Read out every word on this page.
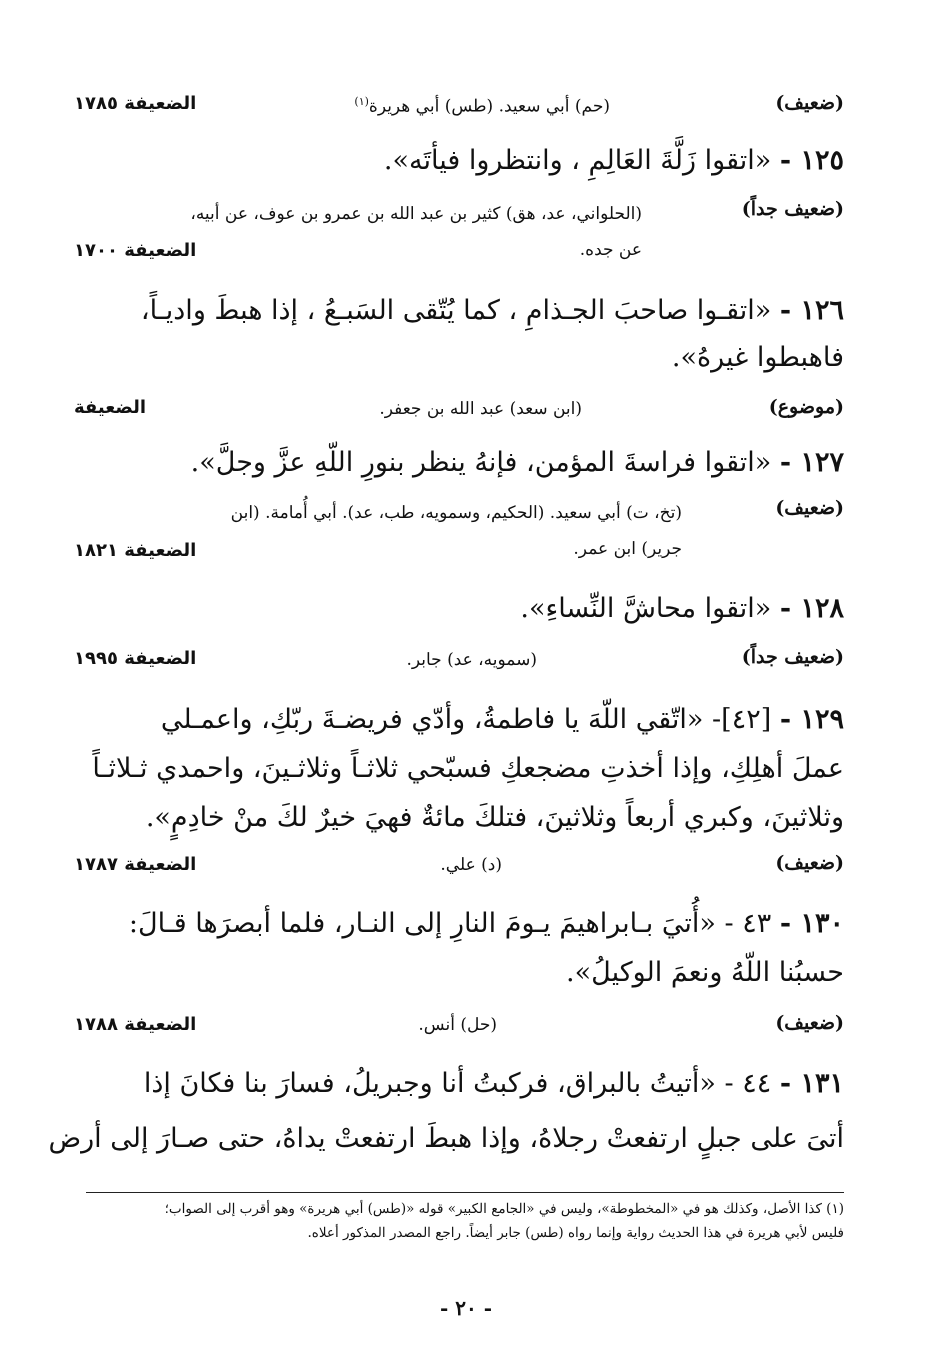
(ضعيف)
(حم) أبي سعيد. (طس) أبي هريرة$^{(١)}$
الضعيفة ١٧٨٥
١٢٥ - «اتقوا زَلَّةَ العَالِمِ ، وانتظروا فيأتَه».
(ضعيف جداً)
(الحلواني، عد، هق) كثير بن عبد الله بن عمرو بن عوف، عن أبيه،
عن جده.
الضعيفة ١٧٠٠
١٢٦ - «اتقـوا صاحبَ الجـذامِ ، كما يُتّقى السَبـعُ ، إذا هبطَ واديـاً،
فاهبطوا غيرهُ».
(موضوع)
(ابن سعد) عبد الله بن جعفر.
الضعيفة
١٢٧ - «اتقوا فراسةَ المؤمن، فإنهُ ينظر بنورِ اللّهِ عزَّ وجلَّ».
(ضعيف)
(تخ، ت) أبي سعيد. (الحكيم، وسمويه، طب، عد). أبي أُمامة. (ابن
جرير) ابن عمر.
الضعيفة ١٨٢١
١٢٨ - «اتقوا محاشَّ النِّساءِ».
(ضعيف جداً)
(سمويه، عد) جابر.
الضعيفة ١٩٩٥
١٢٩ - [٤٢]- «اتّقي اللّهَ يا فاطمةُ، وأدّي فريضـةَ ربّكِ، واعمـلي
عملَ أهلِكِ، وإذا أخذتِ مضجعكِ فسبّحي ثلاثـاً وثلاثـينَ، واحمدي ثـلاثـاً
وثلاثينَ، وكبري أربعاً وثلاثينَ، فتلكَ مائةٌ فهيَ خيرٌ لكَ منْ خادِمٍ».
(ضعيف)
(د) علي.
الضعيفة ١٧٨٧
١٣٠ - ٤٣ - «أُتيَ بـابراهيمَ يـومَ النارِ إلى النـار، فلما أبصرَها قـالَ:
حسبُنا اللّهُ ونعمَ الوكيلُ».
(ضعيف)
(حل) أنس.
الضعيفة ١٧٨٨
١٣١ - ٤٤ - «أتيتُ بالبراق، فركبتُ أنا وجبريلُ، فسارَ بنا فكانَ إذا
أتىَ على جبلٍ ارتفعتْ رجلاهُ، وإذا هبطَ ارتفعتْ يداهُ، حتى صـارَ إلى أرض
(١) كذا الأصل، وكذلك هو في «المخطوطة»، وليس في «الجامع الكبير» قوله «(طس) أبي هريرة» وهو أقرب إلى الصواب؛
فليس لأبي هريرة في هذا الحديث رواية وإنما رواه (طس) جابر أيضاً. راجع المصدر المذكور أعلاه.
- ٢٠ -
